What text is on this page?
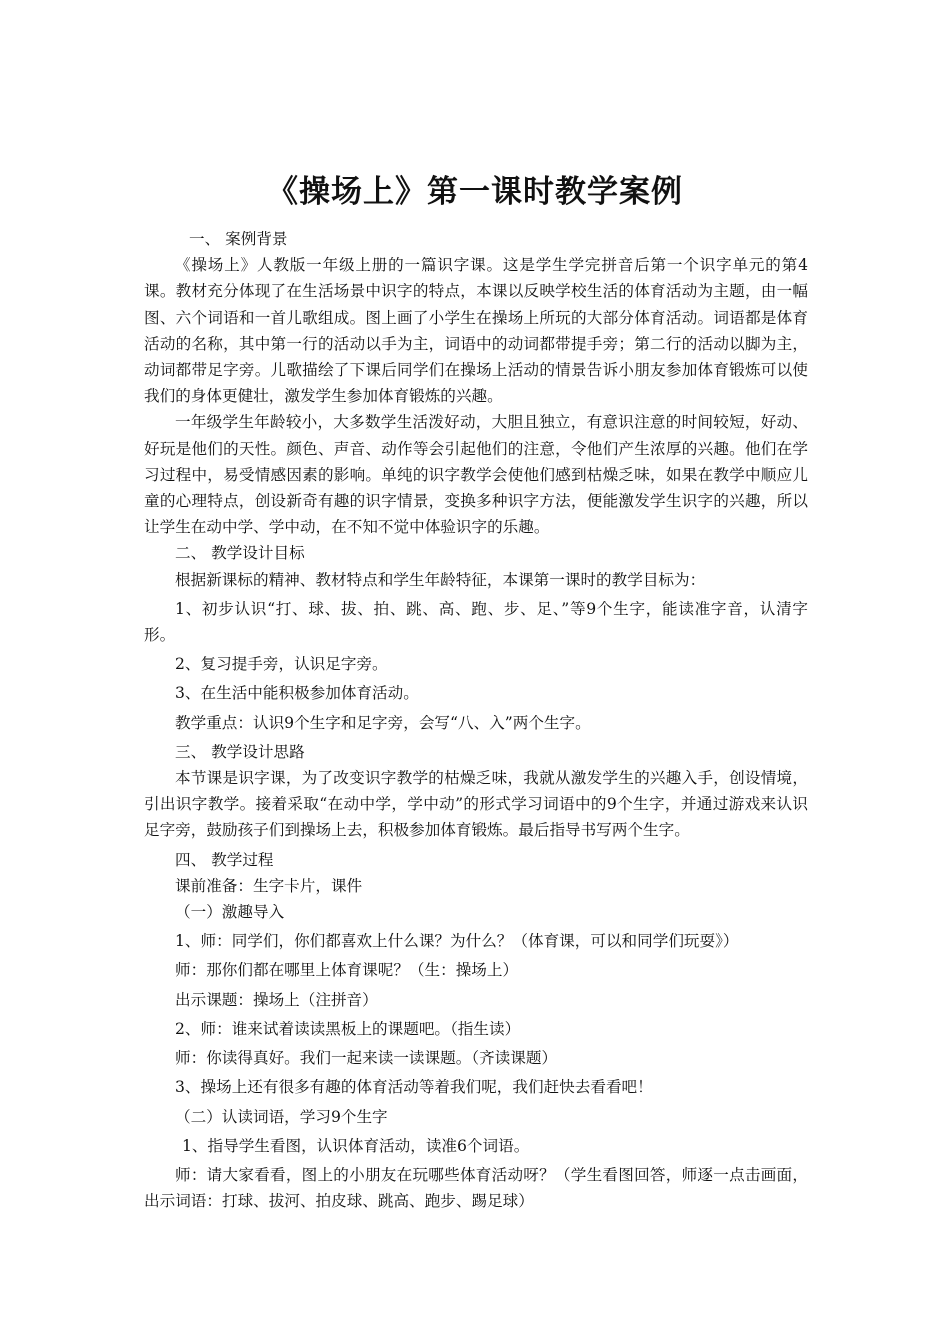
《操场上》第一课时教学案例

一、 案例背景

《操场上》人教版一年级上册的一篇识字课。这是学生学完拼音后第一个识字单元的第4课。教材充分体现了在生活场景中识字的特点，本课以反映学校生活的体育活动为主题，由一幅图、六个词语和一首儿歌组成。图上画了小学生在操场上所玩的大部分体育活动。词语都是体育活动的名称，其中第一行的活动以手为主，词语中的动词都带提手旁；第二行的活动以脚为主，动词都带足字旁。儿歌描绘了下课后同学们在操场上活动的情景告诉小朋友参加体育锻炼可以使我们的身体更健壮，激发学生参加体育锻炼的兴趣。

一年级学生年龄较小，大多数学生活泼好动，大胆且独立，有意识注意的时间较短，好动、好玩是他们的天性。颜色、声音、动作等会引起他们的注意，令他们产生浓厚的兴趣。他们在学习过程中，易受情感因素的影响。单纯的识字教学会使他们感到枯燥乏味，如果在教学中顺应儿童的心理特点，创设新奇有趣的识字情景，变换多种识字方法，便能激发学生识字的兴趣，所以让学生在动中学、学中动，在不知不觉中体验识字的乐趣。

二、 教学设计目标

根据新课标的精神、教材特点和学生年龄特征，本课第一课时的教学目标为：

1、初步认识“打、球、拔、拍、跳、高、跑、步、足、”等9个生字，能读准字音，认清字形。

2、复习提手旁，认识足字旁。

3、在生活中能积极参加体育活动。

教学重点：认识9个生字和足字旁，会写“八、入”两个生字。

三、 教学设计思路

本节课是识字课，为了改变识字教学的枯燥乏味，我就从激发学生的兴趣入手，创设情境，引出识字教学。接着采取“在动中学，学中动”的形式学习词语中的9个生字，并通过游戏来认识足字旁，鼓励孩子们到操场上去，积极参加体育锻炼。最后指导书写两个生字。

四、 教学过程

课前准备：生字卡片，课件

（一）激趣导入

1、师：同学们，你们都喜欢上什么课？为什么？（体育课，可以和同学们玩耍》）

师：那你们都在哪里上体育课呢？（生：操场上）

出示课题：操场上（注拼音）

2、师：谁来试着读读黑板上的课题吧。（指生读）

师：你读得真好。我们一起来读一读课题。（齐读课题）

3、操场上还有很多有趣的体育活动等着我们呢，我们赶快去看看吧！

（二）认读词语，学习9个生字

1、指导学生看图，认识体育活动，读准6个词语。

师：请大家看看，图上的小朋友在玩哪些体育活动呀？（学生看图回答，师逐一点击画面，出示词语：打球、拔河、拍皮球、跳高、跑步、踢足球）
